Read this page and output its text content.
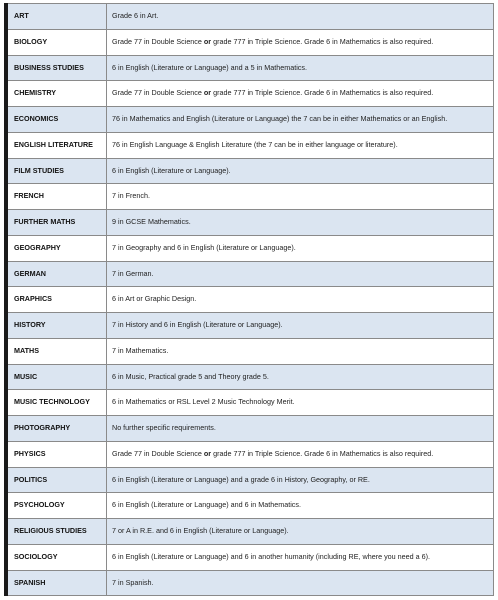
ART	Grade 6 in Art.
BIOLOGY	Grade 77 in Double Science or grade 777 in Triple Science. Grade 6 in Mathematics is also required.
BUSINESS STUDIES	6 in English (Literature or Language) and a 5 in Mathematics.
CHEMISTRY	Grade 77 in Double Science or grade 777 in Triple Science. Grade 6 in Mathematics is also required.
ECONOMICS	76 in Mathematics and English (Literature or Language) the 7 can be in either Mathematics or an English.
ENGLISH LITERATURE	76 in English Language & English Literature (the 7 can be in either language or literature).
FILM STUDIES	6 in English (Literature or Language).
FRENCH	7 in French.
FURTHER MATHS	9 in GCSE Mathematics.
GEOGRAPHY	7 in Geography and 6 in English (Literature or Language).
GERMAN	7 in German.
GRAPHICS	6 in Art or Graphic Design.
HISTORY	7 in History and 6 in English (Literature or Language).
MATHS	7 in Mathematics.
MUSIC	6 in Music, Practical grade 5 and Theory grade 5.
MUSIC TECHNOLOGY	6 in Mathematics or RSL Level 2 Music Technology Merit.
PHOTOGRAPHY	No further specific requirements.
PHYSICS	Grade 77 in Double Science or grade 777 in Triple Science. Grade 6 in Mathematics is also required.
POLITICS	6 in English (Literature or Language) and a grade 6 in History, Geography, or RE.
PSYCHOLOGY	6 in English (Literature or Language) and 6 in Mathematics.
RELIGIOUS STUDIES	7 or A in R.E. and 6 in English (Literature or Language).
SOCIOLOGY	6 in English (Literature or Language) and 6 in another humanity (including RE, where you need a 6).
SPANISH	7 in Spanish.
